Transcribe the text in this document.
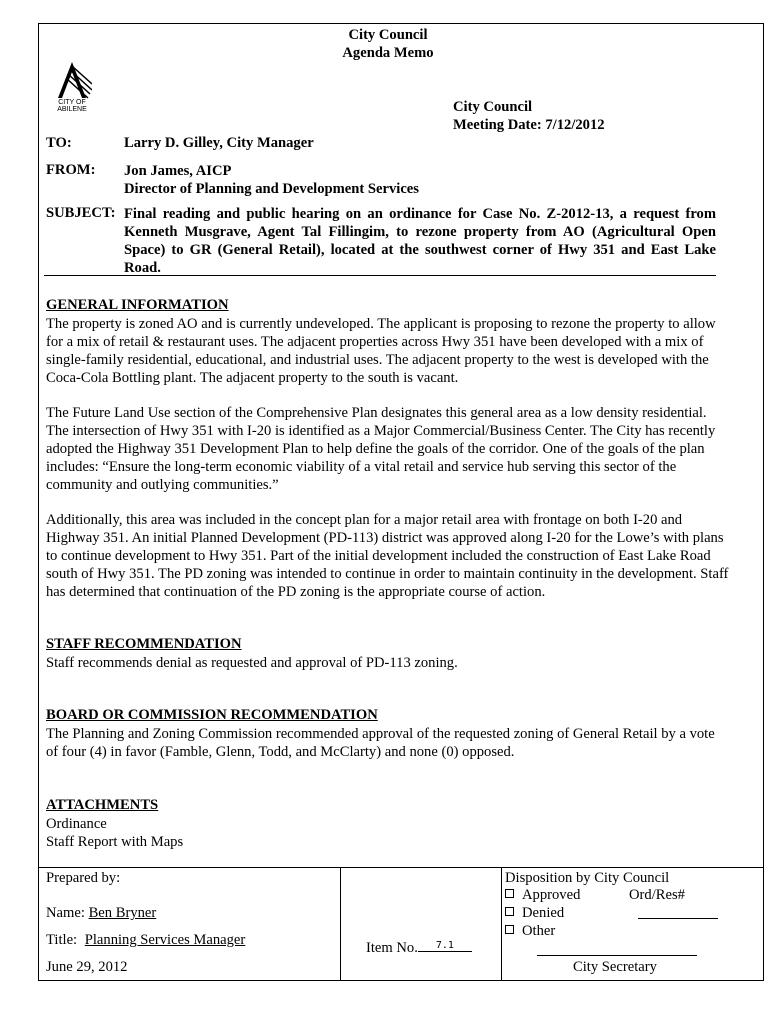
City Council
Agenda Memo
CITY OF
ABILENE	City Council
Meeting Date: 7/12/2012
TO:	Larry D. Gilley, City Manager
FROM: Jon James, AICP
Director of Planning and Development Services
SUBJECT: Final reading and public hearing on an ordinance for Case No. Z-2012-13, a request from Kenneth Musgrave, Agent Tal Fillingim, to rezone property from AO (Agricultural Open Space) to GR (General Retail), located at the southwest corner of Hwy 351 and East Lake Road.
GENERAL INFORMATION
The property is zoned AO and is currently undeveloped. The applicant is proposing to rezone the property to allow for a mix of retail & restaurant uses. The adjacent properties across Hwy 351 have been developed with a mix of single-family residential, educational, and industrial uses. The adjacent property to the west is developed with the Coca-Cola Bottling plant. The adjacent property to the south is vacant.
The Future Land Use section of the Comprehensive Plan designates this general area as a low density residential. The intersection of Hwy 351 with I-20 is identified as a Major Commercial/Business Center. The City has recently adopted the Highway 351 Development Plan to help define the goals of the corridor. One of the goals of the plan includes: “Ensure the long-term economic viability of a vital retail and service hub serving this sector of the community and outlying communities.”
Additionally, this area was included in the concept plan for a major retail area with frontage on both I-20 and Highway 351. An initial Planned Development (PD-113) district was approved along I-20 for the Lowe’s with plans to continue development to Hwy 351. Part of the initial development included the construction of East Lake Road south of Hwy 351. The PD zoning was intended to continue in order to maintain continuity in the development. Staff has determined that continuation of the PD zoning is the appropriate course of action.
STAFF RECOMMENDATION
Staff recommends denial as requested and approval of PD-113 zoning.
BOARD OR COMMISSION RECOMMENDATION
The Planning and Zoning Commission recommended approval of the requested zoning of General Retail by a vote of four (4) in favor (Famble, Glenn, Todd, and McClarty) and none (0) opposed.
ATTACHMENTS
Ordinance
Staff Report with Maps
Prepared by:
Name: Ben Bryner
Title: Planning Services Manager
June 29, 2012
Item No. 7.1
Disposition by City Council
Approved	Ord/Res#
Denied
Other
City Secretary
